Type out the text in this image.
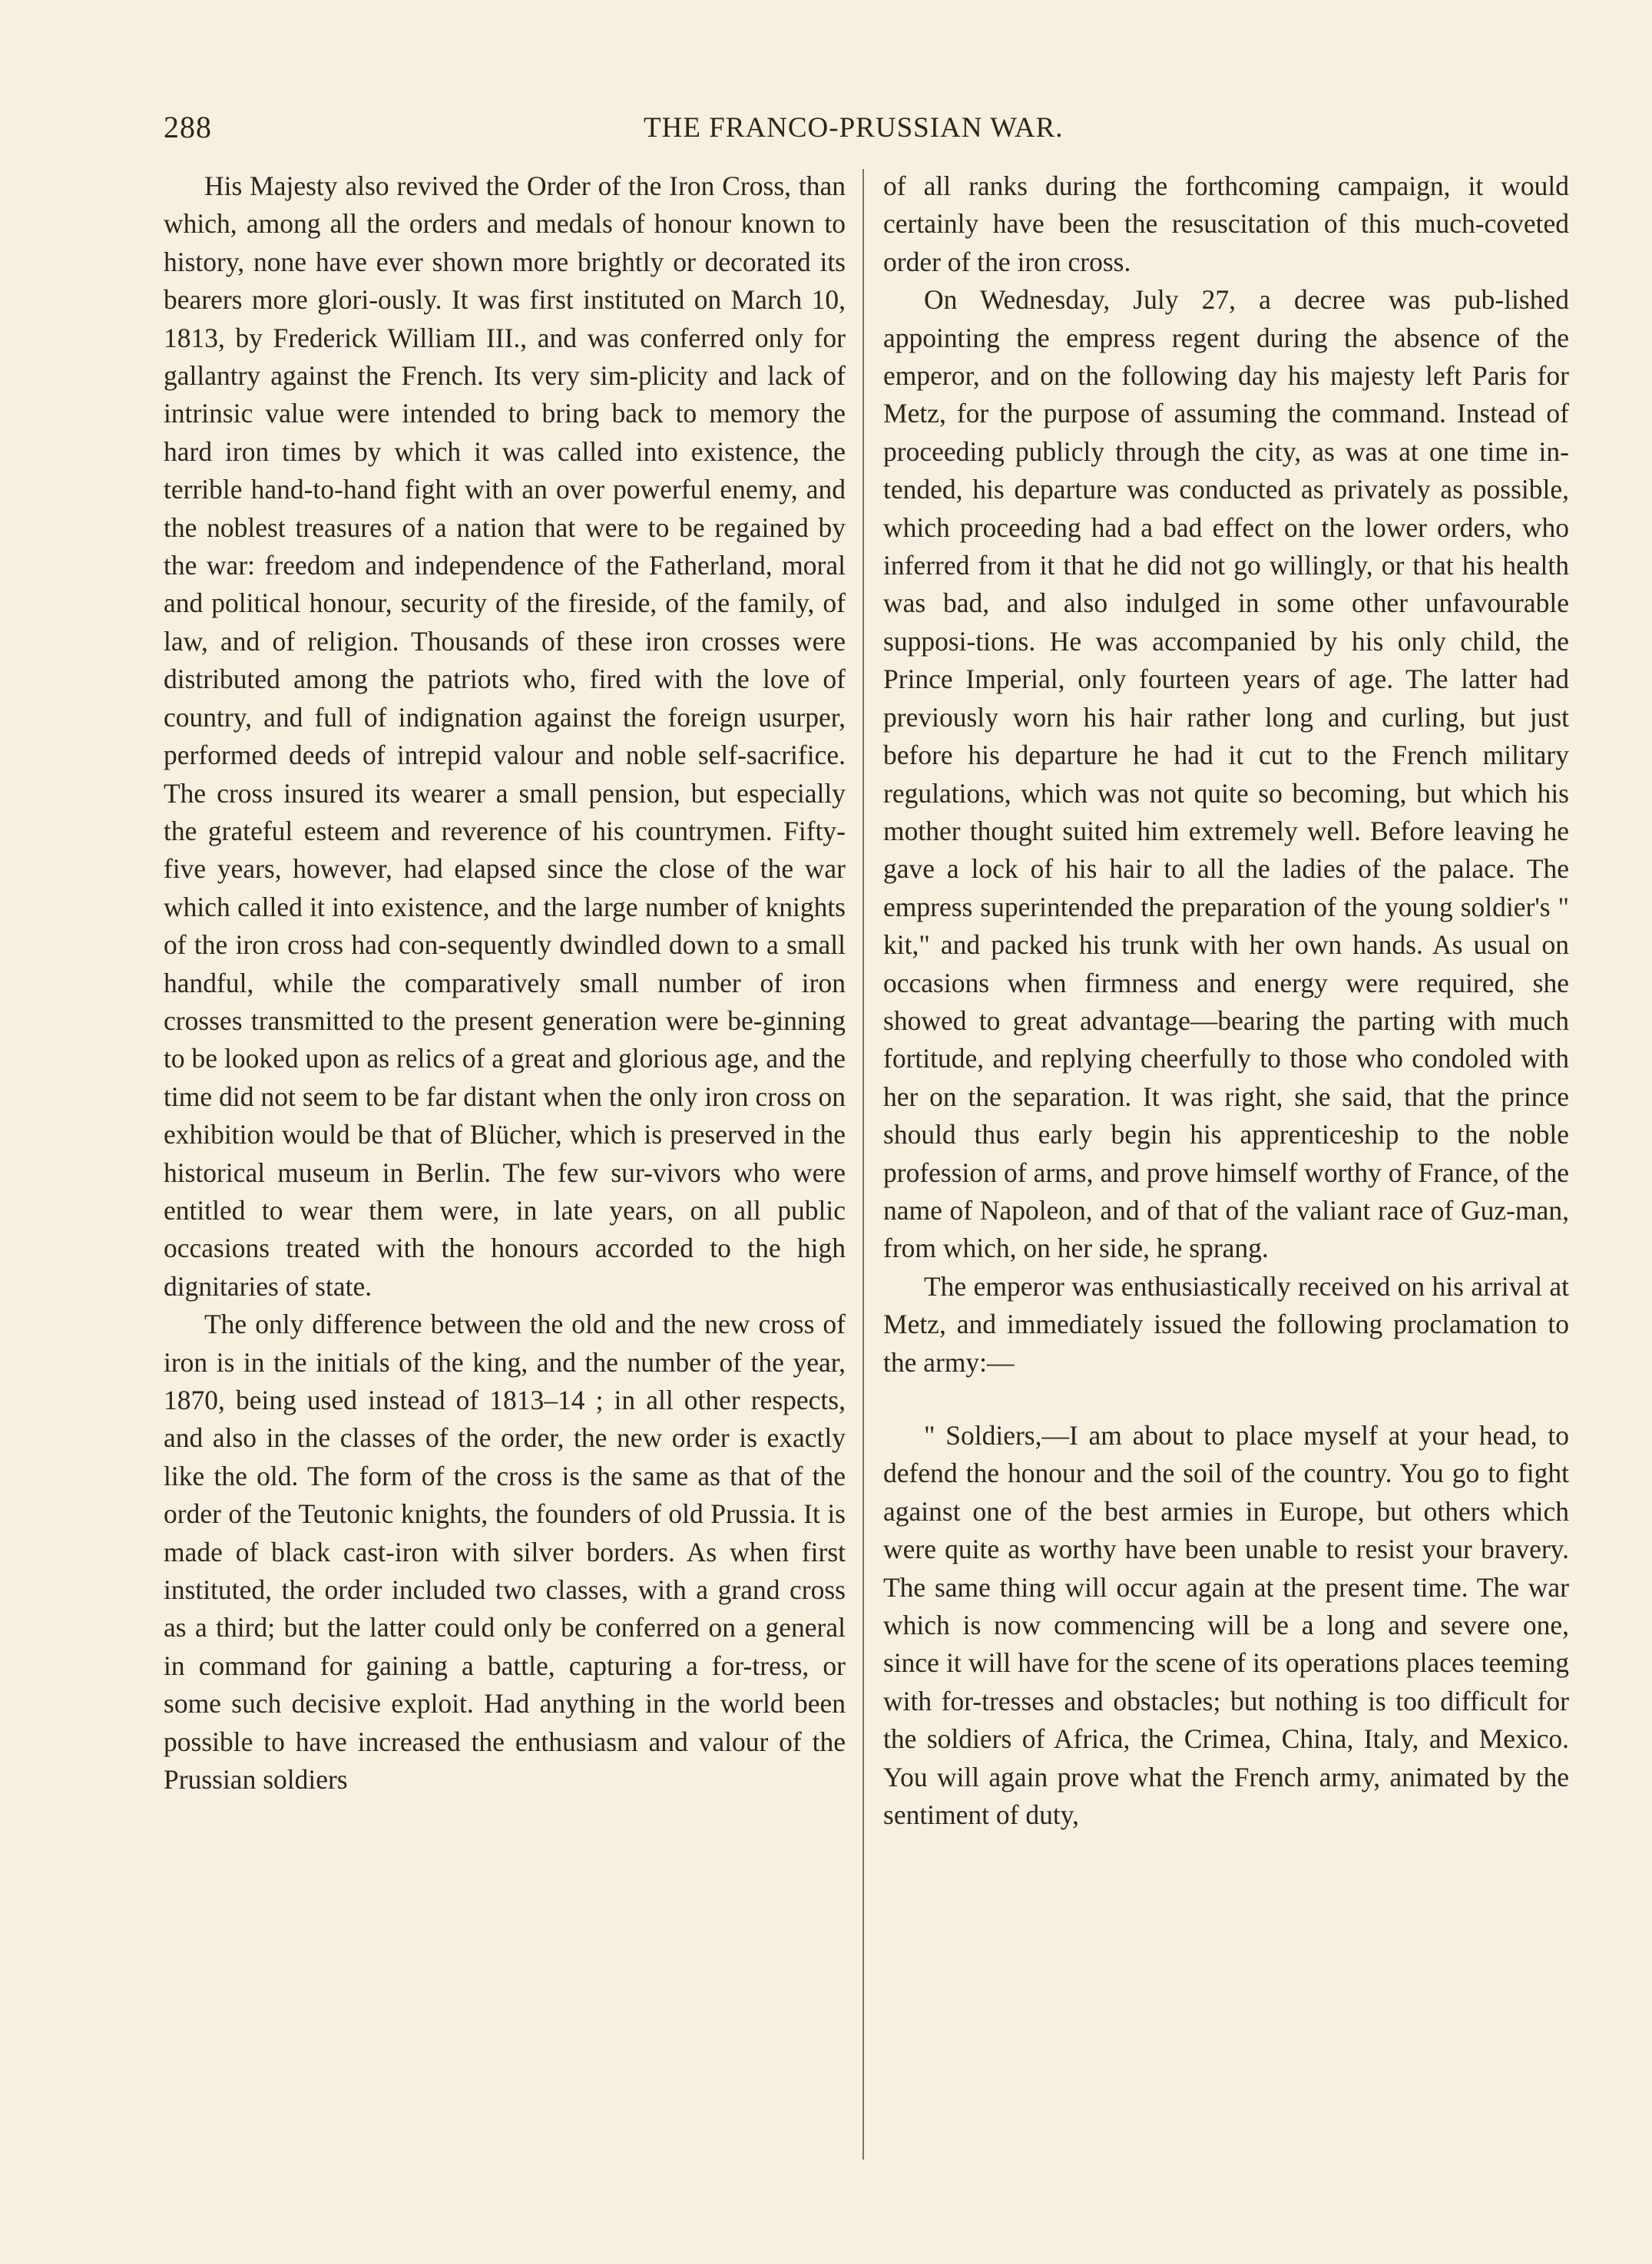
288	THE FRANCO-PRUSSIAN WAR.

His Majesty also revived the Order of the Iron Cross, than which, among all the orders and medals of honour known to history, none have ever shown more brightly or decorated its bearers more glori-ously. It was first instituted on March 10, 1813, by Frederick William III., and was conferred only for gallantry against the French. Its very sim-plicity and lack of intrinsic value were intended to bring back to memory the hard iron times by which it was called into existence, the terrible hand-to-hand fight with an over powerful enemy, and the noblest treasures of a nation that were to be regained by the war: freedom and independence of the Fatherland, moral and political honour, security of the fireside, of the family, of law, and of religion. Thousands of these iron crosses were distributed among the patriots who, fired with the love of country, and full of indignation against the foreign usurper, performed deeds of intrepid valour and noble self-sacrifice. The cross insured its wearer a small pension, but especially the grateful esteem and reverence of his countrymen. Fifty-five years, however, had elapsed since the close of the war which called it into existence, and the large number of knights of the iron cross had con-sequently dwindled down to a small handful, while the comparatively small number of iron crosses transmitted to the present generation were be-ginning to be looked upon as relics of a great and glorious age, and the time did not seem to be far distant when the only iron cross on exhibition would be that of Blücher, which is preserved in the historical museum in Berlin. The few sur-vivors who were entitled to wear them were, in late years, on all public occasions treated with the honours accorded to the high dignitaries of state.

The only difference between the old and the new cross of iron is in the initials of the king, and the number of the year, 1870, being used instead of 1813–14 ; in all other respects, and also in the classes of the order, the new order is exactly like the old. The form of the cross is the same as that of the order of the Teutonic knights, the founders of old Prussia. It is made of black cast-iron with silver borders. As when first instituted, the order included two classes, with a grand cross as a third; but the latter could only be conferred on a general in command for gaining a battle, capturing a for-tress, or some such decisive exploit. Had anything in the world been possible to have increased the enthusiasm and valour of the Prussian soldiers

of all ranks during the forthcoming campaign, it would certainly have been the resuscitation of this much-coveted order of the iron cross.

On Wednesday, July 27, a decree was pub-lished appointing the empress regent during the absence of the emperor, and on the following day his majesty left Paris for Metz, for the purpose of assuming the command. Instead of proceeding publicly through the city, as was at one time in-tended, his departure was conducted as privately as possible, which proceeding had a bad effect on the lower orders, who inferred from it that he did not go willingly, or that his health was bad, and also indulged in some other unfavourable supposi-tions. He was accompanied by his only child, the Prince Imperial, only fourteen years of age. The latter had previously worn his hair rather long and curling, but just before his departure he had it cut to the French military regulations, which was not quite so becoming, but which his mother thought suited him extremely well. Before leaving he gave a lock of his hair to all the ladies of the palace. The empress superintended the preparation of the young soldier's " kit," and packed his trunk with her own hands. As usual on occasions when firmness and energy were required, she showed to great advantage—bearing the parting with much fortitude, and replying cheerfully to those who condoled with her on the separation. It was right, she said, that the prince should thus early begin his apprenticeship to the noble profession of arms, and prove himself worthy of France, of the name of Napoleon, and of that of the valiant race of Guz-man, from which, on her side, he sprang.

The emperor was enthusiastically received on his arrival at Metz, and immediately issued the following proclamation to the army:—

" Soldiers,—I am about to place myself at your head, to defend the honour and the soil of the country. You go to fight against one of the best armies in Europe, but others which were quite as worthy have been unable to resist your bravery. The same thing will occur again at the present time. The war which is now commencing will be a long and severe one, since it will have for the scene of its operations places teeming with for-tresses and obstacles; but nothing is too difficult for the soldiers of Africa, the Crimea, China, Italy, and Mexico. You will again prove what the French army, animated by the sentiment of duty,
